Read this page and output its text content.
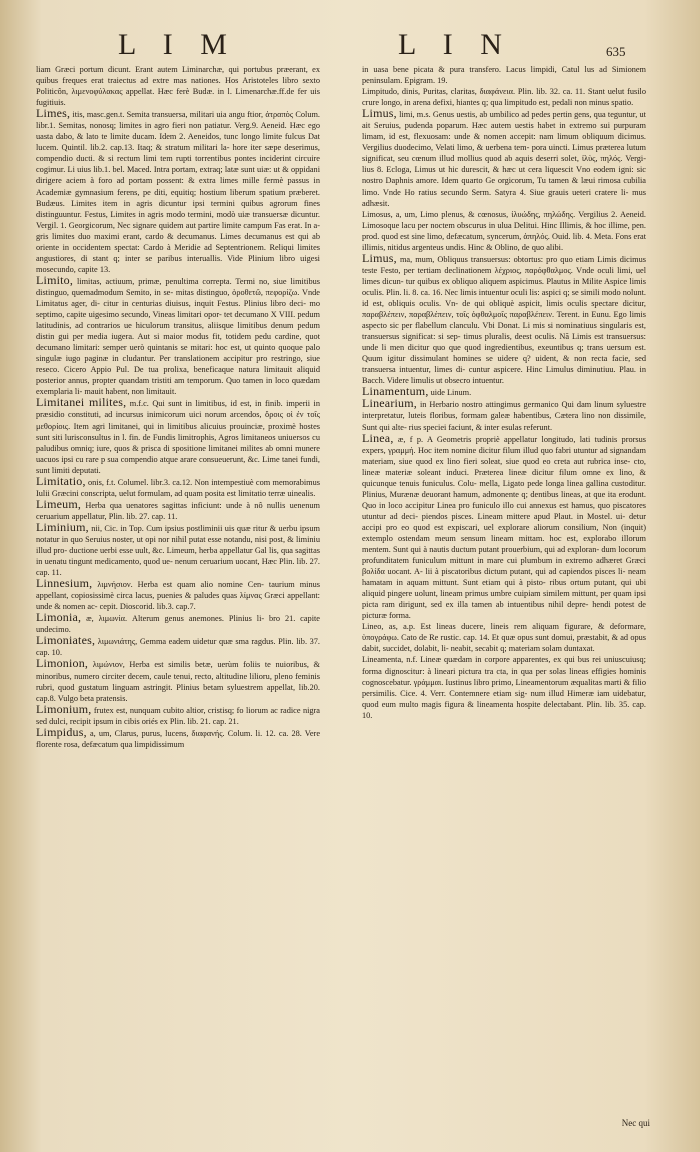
L I M	L I N	635

liam Græci portum dicunt. Erant autem Liminarchæ, qui portubus præerant, ex quibus freques erat traiectus ad extre mas nationes. Hos Aristoteles libro sexto Politicôn, λιμενοφύλακας appellat. Hæc ferè Budæ. in l. Limenarchæ.ff.de fer uis fugitiuis.

Limes, itis, masc.gen.t. Semita transuersa, militari uia angu ftior, ἀτραπὸς Colum. libr.1. Semitas, nonosq; limites in agro fieri non patiatur. Verg.9. Aeneid. Hæc ego uasta dabo, & lato te limite ducam. Idem 2. Aeneidos, tunc longo limite fulcus Dat lucem. Quintil. lib.2. cap.13. Itaq; & stratum militari la- hore iter sæpe deserimus, compendio ducti. & si rectum limi tem rupti torrentibus pontes inciderint circuire cogimur. Li uius lib.1. bel. Maced. Intra portam, extraq; latæ sunt uiæ: ut & oppidani dirigere aciem à foro ad portam possent: & extra limes mille fermè passus in Academiæ gymnasium ferens, pe diti, equitiq; hostium liberum spatium præberet. Budæus. Limites item in agris dicuntur ipsi termini quibus agrorum fines distinguuntur. Festus, Limites in agris modo termini, modò uiæ transuersæ dicuntur. Vergil. 1. Georgicorum, Nec signare quidem aut partire limite campum Fas erat. In a- gris limites duo maximi erant, cardo & decumanus. Limes decumanus est qui ab oriente in occidentem spectat: Cardo à Meridie ad Septentrionem. Reliqui limites angustiores, di stant q; inter se paribus interuallis. Vide Plinium libro uigesi mosecundo, capite 13.

Limito, limitas, actiuum, primæ, penultima correpta. Termi no, siue limitibus distinguo, quemadmodum Semito, in se- mitas distinguo, ὁροθετῶ, πεφορίζω. Vnde Limitatus ager, di- citur in centurias diuisus, inquit Festus. Plinius libro deci- mo septimo, capite uigesimo secundo, Vineas limitari opor- tet decumano X VIII. pedum latitudinis, ad contrarios ue hiculorum transitus, aliisque limitibus denum pedum distin gui per media iugera. Aut si maior modus fit, totidem pedu cardine, quot decumano limitari: semper uerò quintanis se mitari: hoc est, ut quinto quoque palo singulæ iugo paginæ in cludantur. Per translationem accipitur pro restringo, siue reseco. Cicero Appio Pul. De tua prolixa, beneficaque natura limitauit aliquid posterior annus, propter quandam tristiti am temporum. Quo tamen in loco quædam exemplaria li- mauit habent, non limitauit.

Limitanei milites, m.f.c. Qui sunt in limitibus, id est, in finib. imperii in præsidio constituti, ad incursus inimicorum uici norum arcendos, ὅροις οἱ ἐν τοῖς μεθορίοις. Item agri limitanei, qui in limitibus alicuius prouinciæ, proximè hostes sunt siti lurisconsultus in l. fin. de Fundis limitrophis, Agros limitaneos uniuersos cu paludibus omniq; iure, quos & prisca di spositione limitanei milites ab omni munere uacuos ipsi cu rare p sua compendio atque arare consueuerunt, &c. Lime tanei fundi, sunt limiti deputati.

Limitatio, onis, f.t. Columel. libr.3. ca.12. Non intempestiuè com memorabimus Iulii Græcini conscripta, uelut formulam, ad quam posita est limitatio terræ uinealis.

Limeum, Herba qua uenatores sagittas inficiunt: unde à nô nullis uenenum ceruarium appellatur, Plin. lib. 27. cap. 11.

Liminium, nii, Cic. in Top. Cum ipsius postliminii uis quæ ritur & uerbu ipsum notatur in quo Seruius noster, ut opi nor nihil putat esse notandu, nisi post, & liminiu illud pro- ductione uerbi esse uult, &c. Limeum, herba appellatur Gal lis, qua sagittas in uenatu tingunt medicamento, quod ue- nenum ceruarium uocant, Hæc Plin. lib. 27. cap. 11.

Linnesium, λιμνήσιον. Herba est quam alio nomine Cen- taurium minus appellant, copiosissimè circa lacus, puenies & paludes quas λίμνας Græci appellant: unde & nomen ac- cepit. Dioscorid. lib.3. cap.7.

Limonia, æ, λιμωνία. Alterum genus anemones. Plinius li- bro 21. capite undecimo.

Limoniates, λιμωνιάτης, Gemma eadem uidetur quæ sma ragdus. Plin. lib. 37. cap. 10.

Limonion, λιμώνιον, Herba est similis betæ, uerùm foliis te nuioribus, & minoribus, numero circiter decem, caule tenui, recto, altitudine lilioru, pleno feminis rubri, quod gustatum linguam astringit. Plinius betam syluestrem appellat, lib.20. cap.8. Vulgo beta pratensis.

Limonium, frutex est, nunquam cubito altior, cristisq; fo liorum ac radice nigra sed dulci, recipit ipsum in cibis oriés ex Plin. lib. 21. cap. 21.

Limpidus, a, um, Clarus, purus, lucens, διαφανής. Colum. li. 12. ca. 28. Vere florente rosa, defæcatum qua limpidissimum

in uasa bene picata & pura transfero. Lacus limpidi, Catul lus ad Simionem peninsulam. Epigram. 19.

Limpitudo, dinis, Puritas, claritas, διαφάνεια. Plin. lib. 32. ca. 11. Stant uelut fusilo crure longo, in arena defixi, hiantes q; qua limpitudo est, pedali non minus spatio.

Limus, limi, m.s. Genus uestis, ab umbilico ad pedes pertin gens, qua teguntur, ut ait Seruius, pudenda poparum. Hæc autem uestis habet in extremo sui purpuram limam, id est, flexuosam: unde & nomen accepit: nam limum obliquum dicimus. Vergilius duodecimo, Velati limo, & uerbena tem- pora uincti. Limus præterea lutum significat, seu cœnum illud mollius quod ab aquis deserri solet, ἰλὺς, πηλός. Vergi- lius 8. Ecloga, Limus ut hic durescit, & hæc ut cera liquescit Vno eodem igni: sic nostro Daphnis amore. Idem quarto Ge orgicorum, Tu tamen & læui rimosa cubilia limo. Vnde Ho ratius secundo Serm. Satyra 4. Siue grauis ueteri cratere li- mus adhæsit.

Limosus, a, um, Limo plenus, & cœnosus, ἰλυώδης, πηλώδης. Vergilius 2. Aeneid. Limosoque lacu per noctem obscurus in ulua Delitui. Hinc Illimis, & hoc illime, pen. prod. quod est sine limo, defæcatum, syncerum, ἀπηλός. Ouid. lib. 4. Meta. Fons erat illimis, nitidus argenteus undis. Hinc & Oblino, de quo alibi.

Limus, ma, mum, Obliquus transuersus: obtortus: pro quo etiam Limis dicimus teste Festo, per tertiam declinationem λέχριος, παρόφθαλμος. Vnde oculi limi, uel limes dicun- tur quibus ex obliquo aliquem aspicimus. Plautus in Milite Aspice limis oculis. Plin. li. 8. ca. 16. Nec limis intuentur oculi lis: aspici q; se simili modo nolunt. id est, obliquis oculis. Vn- de qui obliquè aspicit, limis oculis spectare dicitur, παραβλέπειν, παραβλέπειν, τοῖς ὀφθαλμοῖς παραβλέπειν. Terent. in Eunu. Ego limis aspecto sic per flabellum clanculu. Vbi Donat. Li mis si nominatiuus singularis est, transuersus significat: si sep- timus pluralis, deest oculis. Nã Limis est transuersus: unde li men dicitur quo que quod ingredientibus, exeuntibus q; trans uersum est. Quum igitur dissimulant homines se uidere q? uident, & non recta facie, sed transuersa intuentur, limes di- cuntur aspicere. Hinc Limulus diminutiuu. Plau. in Bacch. Videre limulis ut obsecro intuentur.

Linamentum, uide Linum.

Linearium, in Herbario nostro attingimus germanico Qui dam linum syluestre interpretatur, luteis floribus, formam galeæ habentibus, Cætera lino non dissimile, Sunt qui alte- rius speciei faciunt, & inter esulas referunt.

Linea, æ, f p. A Geometris propriè appellatur longitudo, lati tudinis prorsus expers, γραμμή. Hoc item nomine dicitur filum illud quo fabri utuntur ad signandam materiam, siue quod ex lino fieri soleat, siue quod eo creta aut rubrica inse- cto, lineæ materiæ soleant induci. Præterea lineæ dicitur filum omne ex lino, & quicunque tenuis funiculus. Colu- mella, Ligato pede longa linea gallina custoditur. Plinius, Murænæ deuorant hamum, admonente q; dentibus lineas, at que ita erodunt. Quo in loco accipitur Linea pro funiculo illo cui annexus est hamus, quo piscatores utuntur ad deci- piendos pisces. Lineam mittere apud Plaut. in Mostel. ui- detur accipi pro eo quod est expiscari, uel explorare aliorum consilium, Non (inquit) extemplo ostendam meum sensum lineam mittam. hoc est, explorabo illorum mentem. Sunt qui à nautis ductum putant prouerbium, qui ad exploran- dum locorum profunditatem funiculum mittunt in mare cui plumbum in extremo adhæret Græci βολίδα uocant. A- lii à piscatoribus dictum putant, qui ad capiendos pisces li- neam hamatam in aquam mittunt. Sunt etiam qui à pisto- ribus ortum putant, qui ubi aliquid pingere uolunt, lineam primus umbre cuipiam similem mittunt, per quam ipsi picta ram dirigunt, sed ex illa tamen ab intuentibus nihil depre- hendi potest de picturæ forma.

Lineo, as, a.p. Est lineas ducere, lineis rem aliquam figurare, & deformare, ὑπογράφω. Cato de Re rustic. cap. 14. Et quæ opus sunt domui, præstabit, & ad opus dabit, succidet, dolabit, li- neabit, secabit q; materiam solam duntaxat.

Lineamenta, n.f. Lineæ quædam in corpore apparentes, ex qui bus rei uniuscuiusq; forma dignoscitur: à lineari pictura tra cta, in qua per solas lineas effigies hominis cognoscebatur. γράμμαι. Iustinus libro primo, Lineamentorum æqualitas marti & filio persimilis. Cice. 4. Verr. Contemnere etiam sig- num illud Himeræ iam uidebatur, quod eum multo magis figura & lineamenta hospite delectabant. Plin. lib. 35. cap. 10.

Nec qui
